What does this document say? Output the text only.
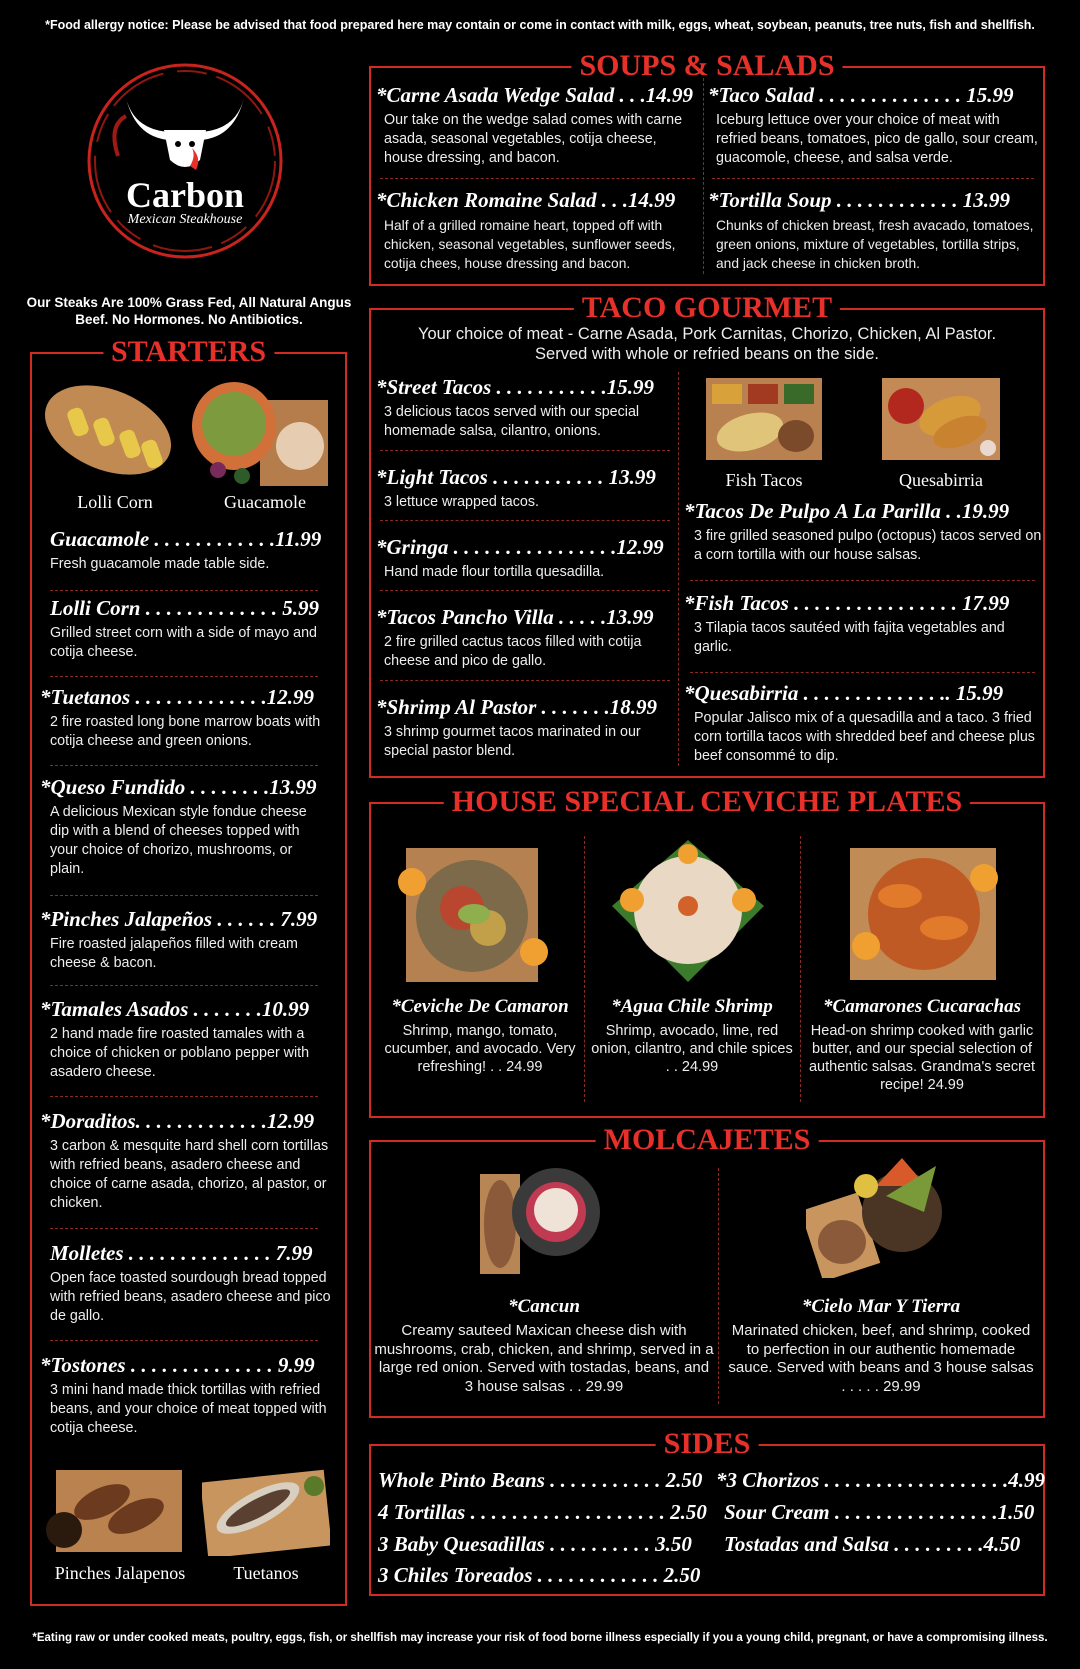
*Food allergy notice: Please be advised that food prepared here may contain or come in contact with milk, eggs, wheat, soybean, peanuts, tree nuts, fish and shellfish.
Carbon
Mexican Steakhouse
Our Steaks Are 100% Grass Fed, All Natural Angus Beef. No Hormones. No Antibiotics.
STARTERS
Lolli Corn	Guacamole
Guacamole . . . . . . . . . . . .11.99
Fresh guacamole made table side.
Lolli Corn . . . . . . . . . . . . . 5.99
Grilled street corn with a side of mayo and cotija cheese.
*Tuetanos . . . . . . . . . . . . .12.99
2 fire roasted long bone marrow boats with cotija cheese and green onions.
*Queso Fundido . . . . . . . .13.99
A delicious Mexican style fondue cheese dip with a blend of cheeses topped with your choice of chorizo, mushrooms, or plain.
*Pinches Jalapeños . . . . . . 7.99
Fire roasted jalapeños filled with cream cheese & bacon.
*Tamales Asados . . . . . . .10.99
2 hand made fire roasted tamales with a choice of chicken or poblano pepper with asadero cheese.
*Doraditos. . . . . . . . . . . . .12.99
3 carbon & mesquite hard shell corn tortillas with refried beans, asadero cheese and choice of carne asada, chorizo, al pastor, or chicken.
Molletes . . . . . . . . . . . . . . 7.99
Open face toasted sourdough bread topped with refried beans, asadero cheese and pico de gallo.
*Tostones . . . . . . . . . . . . . . 9.99
3 mini hand made thick tortillas with refried beans, and your choice of meat topped with cotija cheese.
Pinches Jalapenos	Tuetanos
SOUPS & SALADS
*Carne Asada Wedge Salad . . .14.99
Our take on the wedge salad comes with carne asada, seasonal vegetables, cotija cheese, house dressing, and bacon.
*Taco Salad . . . . . . . . . . . . . . 15.99
Iceburg lettuce over your choice of meat with refried beans, tomatoes, pico de gallo, sour cream, guacomole, cheese, and salsa verde.
*Chicken Romaine Salad . . .14.99
Half of a grilled romaine heart, topped off with chicken, seasonal vegetables, sunflower seeds, cotija chees, house dressing and bacon.
*Tortilla Soup . . . . . . . . . . . . 13.99
Chunks of chicken breast, fresh avacado, tomatoes, green onions, mixture of vegetables, tortilla strips, and jack cheese in chicken broth.
TACO GOURMET
Your choice of meat - Carne Asada, Pork Carnitas, Chorizo, Chicken, Al Pastor.
Served with whole or refried beans on the side.
*Street Tacos . . . . . . . . . . .15.99
3 delicious tacos served with our special homemade salsa, cilantro, onions.
*Light Tacos . . . . . . . . . . . 13.99
3 lettuce wrapped tacos.
*Gringa . . . . . . . . . . . . . . . .12.99
Hand made flour tortilla quesadilla.
*Tacos Pancho Villa . . . . .13.99
2 fire grilled cactus tacos filled with cotija cheese and pico de gallo.
*Shrimp Al Pastor . . . . . . .18.99
3 shrimp gourmet tacos marinated in our special pastor blend.
Fish Tacos	Quesabirria
*Tacos De Pulpo A La Parilla . .19.99
3 fire grilled seasoned pulpo (octopus) tacos served on a corn tortilla with our house salsas.
*Fish Tacos . . . . . . . . . . . . . . . . 17.99
3 Tilapia tacos sautéed with fajita vegetables and garlic.
*Quesabirria . . . . . . . . . . . . . .. 15.99
Popular Jalisco mix of a quesadilla and a taco. 3 fried corn tortilla tacos with shredded beef and cheese plus beef consommé to dip.
HOUSE SPECIAL CEVICHE PLATES
*Ceviche De Camaron
Shrimp, mango, tomato, cucumber, and avocado. Very refreshing! . . 24.99
*Agua Chile Shrimp
Shrimp, avocado, lime, red onion, cilantro, and chile spices . . 24.99
*Camarones Cucarachas
Head-on shrimp cooked with garlic butter, and our special selection of authentic salsas. Grandma's secret recipe! 24.99
MOLCAJETES
*Cancun
Creamy sauteed Maxican cheese dish with mushrooms, crab, chicken, and shrimp, served in a large red onion. Served with tostadas, beans, and 3 house salsas . . 29.99
*Cielo Mar Y Tierra
Marinated chicken, beef, and shrimp, cooked to perfection in our authentic homemade sauce. Served with beans and 3 house salsas . . . . . 29.99
SIDES
Whole Pinto Beans . . . . . . . . . . . 2.50
4 Tortillas . . . . . . . . . . . . . . . . . . . 2.50
3 Baby Quesadillas . . . . . . . . . . 3.50
3 Chiles Toreados . . . . . . . . . . . . 2.50
*3 Chorizos . . . . . . . . . . . . . . . . . .4.99
Sour Cream . . . . . . . . . . . . . . . .1.50
Tostadas and Salsa . . . . . . . . .4.50
*Eating raw or under cooked meats, poultry, eggs, fish, or shellfish may increase your risk of food borne illness especially if you a young child, pregnant, or have a compromising illness.
